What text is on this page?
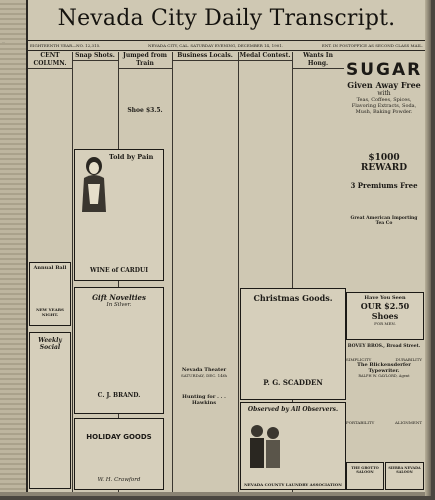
...
Nevada City Daily Transcript.
EIGHTEENTH YEAR—NO. 12,315.	NEVADA CITY, CAL. SATURDAY EVENING, DECEMBER 14, 1901.	ENT. IN POSTOFFICE AS SECOND CLASS MAIL.
CENT COLUMN.
Annual Ball
NEW YEARS NIGHT.
Weekly Social
Snap Shots.	Jumped from Train
Shoe $3.5.
Told by Pain
WINE of CARDUI
Gift Novelties
In Silver.
C. J. BRAND.
HOLIDAY GOODS
W. H. Crawford
Business Locals.
Nevada Theater
SATURDAY, DEC. 14th
Hunting for . . . Hawkins
Medal Contest.	Wants In Hong.
Christmas Goods.
P. G. SCADDEN
Observed by All Observers.
NEVADA COUNTY LAUNDRY ASSOCIATION
SUGAR
Given Away Free
with
Teas, Coffees, Spices, Flavoring Extracts, Soda, Mush, Baking Powder.
$1000 REWARD
3 Premiums Free
Great American Importing Tea Co
Have You Seen
OUR $2.50 Shoes
FOR MEN.
BOVEY BROS., Broad Street.
SIMPLICITY	DURABILITY
The Blickensderfer Typewriter.
RALPH W. GAYLORD, Agent
PORTABILITY	ALIGNMENT
THE GROTTO SALOON
SIERRA NEVADA SALOON
